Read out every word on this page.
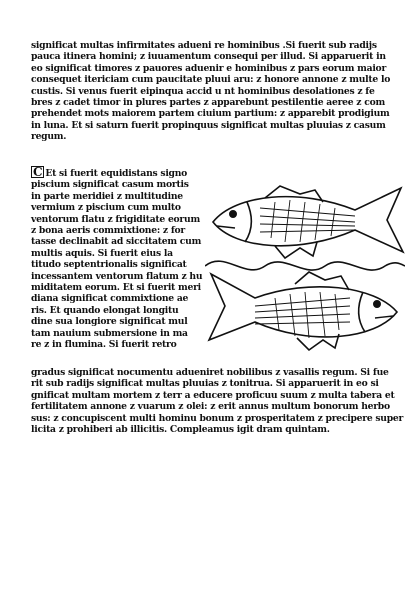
significat multas infirmitates adueni re hominibus .Si fuerit sub radijs
pauca itinera homini; z iuuamentum consequi per illud. Si apparuerit in
eo significat timores z pauores aduenir e hominibus z pars eorum maior
consequet itericiam cum paucitate pluui aru: z honore annone z multe lo
custis. Si venus fuerit eipinqua accid u nt hominibus desolationes z fe
bres z cadet timor in plures partes z apparebunt pestilentie aeree z com
prehendet mots maiorem partem ciuium partium: z apparebit prodigium
in luna. Et si saturn fuerit propinquus significat multas pluuias z casum
regum.

C Et si fuerit equidistans signo
piscium significat casum mortis
in parte meridiei z multitudine
vermium z piscium cum multo
ventorum flatu z frigiditate eorum
z bona aeris commixtione: z for
tasse declinabit ad siccitatem cum
multis aquis. Si fuerit eius la
titudo septentrionalis significat
incessantem ventorum flatum z hu
miditatem eorum. Et si fuerit meri
diana significat commixtione ae
ris. Et quando elongat longitu
dine sua longiore significat mul
tam nauium submersione in ma
re z in flumina. Si fuerit retro

gradus significat nocumentu adueniret nobilibus z vasallis regum. Si fue
rit sub radijs significat multas pluuias z tonitrua. Si apparuerit in eo si
gnificat multam mortem z terr a educere proficuu suum z multa tabera et
fertilitatem annone z vuarum z olei: z erit annus multum bonorum herbo
sus: z concupiscent multi hominu bonum z prosperitatem z precipere super
licita z prohiberi ab illicitis. Compleamus igit dram quintam.
